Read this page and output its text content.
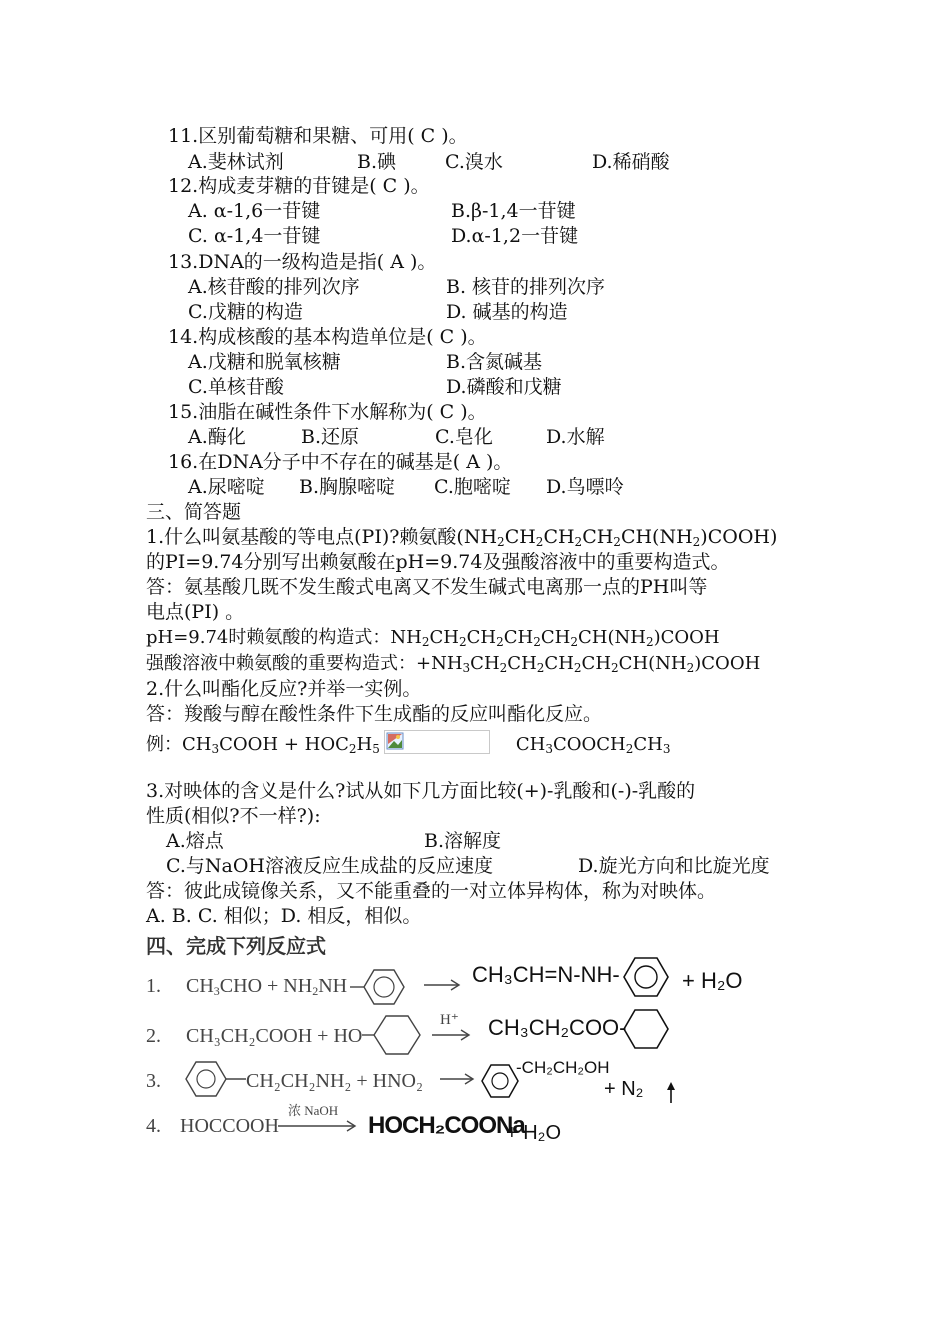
11.区别葡萄糖和果糖、可用( C )。
A.斐林试剂	B.碘	C.溴水	D.稀硝酸
12.构成麦芽糖的苷键是( C )。
A. α-1,6一苷键	B.β-1,4一苷键
C. α-1,4一苷键	D.α-1,2一苷键
13.DNA的一级构造是指( A )。
A.核苷酸的排列次序	B. 核苷的排列次序
C.戊糖的构造	D. 碱基的构造
14.构成核酸的基本构造单位是( C )。
A.戊糖和脱氧核糖	B.含氮碱基
C.单核苷酸	D.磷酸和戊糖
15.油脂在碱性条件下水解称为( C )。
A.酶化	B.还原	C.皂化	D.水解
16.在DNA分子中不存在的碱基是( A )。
A.尿嘧啶 B.胸腺嘧啶 C.胞嘧啶 D.鸟嘌呤
三、简答题
1.什么叫氨基酸的等电点(PI)?赖氨酸$(NH_2CH_2CH_2CH_2CH(NH_2)COOH)$
的PI=9.74分别写出赖氨酸在pH=9.74及强酸溶液中的重要构造式。
答：氨基酸几既不发生酸式电离又不发生碱式电离那一点的PH叫等
电点(PI) 。
pH=9.74时赖氨酸的构造式：$NH_2CH_2CH_2CH_2CH_2CH(NH_2)COOH$
强酸溶液中赖氨酸的重要构造式：$+NH_3CH_2CH_2CH_2CH_2CH(NH_2)COOH$
2.什么叫酯化反应?并举一实例。
答：羧酸与醇在酸性条件下生成酯的反应叫酯化反应。
例：$CH_3COOH + HOC_2H_5$	$CH_3COOCH_2CH_3$
3.对映体的含义是什么?试从如下几方面比较(+)-乳酸和(-)-乳酸的
性质(相似?不一样?):
A.熔点	B.溶解度
C.与NaOH溶液反应生成盐的反应速度	D.旋光方向和比旋光度
答：彼此成镜像关系，又不能重叠的一对立体异构体，称为对映体。
A. B. C. 相似；D. 相反，相似。
四、完成下列反应式
1. $CH_3CHO + NH_2NH$	→ CH₃CH=N-NH-	+ H₂O
2. CH₃CH₂COOH + HO
H⁺ → CH₃CH₂COO-
3.	CH₂CH₂NH₂ + HNO₂ →
-CH₂CH₂OH
+ N₂
4. HOCCOOH
浓 NaOH
HOCH₂COONa
+ H₂O
